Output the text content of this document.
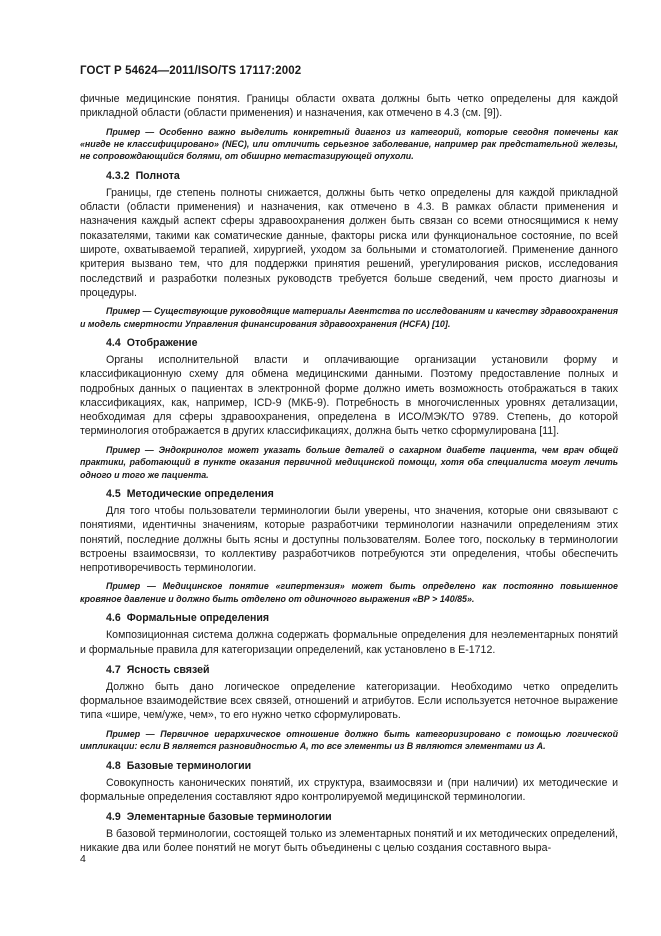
ГОСТ Р 54624—2011/ISO/TS 17117:2002

фичные медицинские понятия. Границы области охвата должны быть четко определены для каждой прикладной области (области применения) и назначения, как отмечено в 4.3 (см. [9]).

Пример — Особенно важно выделить конкретный диагноз из категорий, которые сегодня помечены как «нигде не классифицировано» (NEC), или отличить серьезное заболевание, например рак предстательной железы, не сопровождающийся болями, от обширно метастазирующей опухоли.

4.3.2 Полнота

Границы, где степень полноты снижается, должны быть четко определены для каждой прикладной области (области применения) и назначения, как отмечено в 4.3. В рамках области применения и назначения каждый аспект сферы здравоохранения должен быть связан со всеми относящимися к нему показателями, такими как соматические данные, факторы риска или функциональное состояние, по всей широте, охватываемой терапией, хирургией, уходом за больными и стоматологией. Применение данного критерия вызвано тем, что для поддержки принятия решений, урегулирования рисков, исследования последствий и разработки полезных руководств требуется больше сведений, чем просто диагнозы и процедуры.

Пример — Существующие руководящие материалы Агентства по исследованиям и качеству здравоохранения и модель смертности Управления финансирования здравоохранения (HCFA) [10].

4.4 Отображение

Органы исполнительной власти и оплачивающие организации установили форму и классификационную схему для обмена медицинскими данными. Поэтому предоставление полных и подробных данных о пациентах в электронной форме должно иметь возможность отображаться в таких классификациях, как, например, ICD-9 (МКБ-9). Потребность в многочисленных уровнях детализации, необходимая для сферы здравоохранения, определена в ИСО/МЭК/ТО 9789. Степень, до которой терминология отображается в других классификациях, должна быть четко сформулирована [11].

Пример — Эндокринолог может указать больше деталей о сахарном диабете пациента, чем врач общей практики, работающий в пункте оказания первичной медицинской помощи, хотя оба специалиста могут лечить одного и того же пациента.

4.5 Методические определения

Для того чтобы пользователи терминологии были уверены, что значения, которые они связывают с понятиями, идентичны значениям, которые разработчики терминологии назначили определениям этих понятий, последние должны быть ясны и доступны пользователям. Более того, поскольку в терминологии встроены взаимосвязи, то коллективу разработчиков потребуются эти определения, чтобы обеспечить непротиворечивость терминологии.

Пример — Медицинское понятие «гипертензия» может быть определено как постоянно повышенное кровяное давление и должно быть отделено от одиночного выражения «ВР > 140/85».

4.6 Формальные определения

Композиционная система должна содержать формальные определения для неэлементарных понятий и формальные правила для категоризации определений, как установлено в Е-1712.

4.7 Ясность связей

Должно быть дано логическое определение категоризации. Необходимо четко определить формальное взаимодействие всех связей, отношений и атрибутов. Если используется неточное выражение типа «шире, чем/уже, чем», то его нужно четко сформулировать.

Пример — Первичное иерархическое отношение должно быть категоризировано с помощью логической импликации: если В является разновидностью А, то все элементы из В являются элементами из А.

4.8 Базовые терминологии

Совокупность канонических понятий, их структура, взаимосвязи и (при наличии) их методические и формальные определения составляют ядро контролируемой медицинской терминологии.

4.9 Элементарные базовые терминологии

В базовой терминологии, состоящей только из элементарных понятий и их методических определений, никакие два или более понятий не могут быть объединены с целью создания составного выра-

4
